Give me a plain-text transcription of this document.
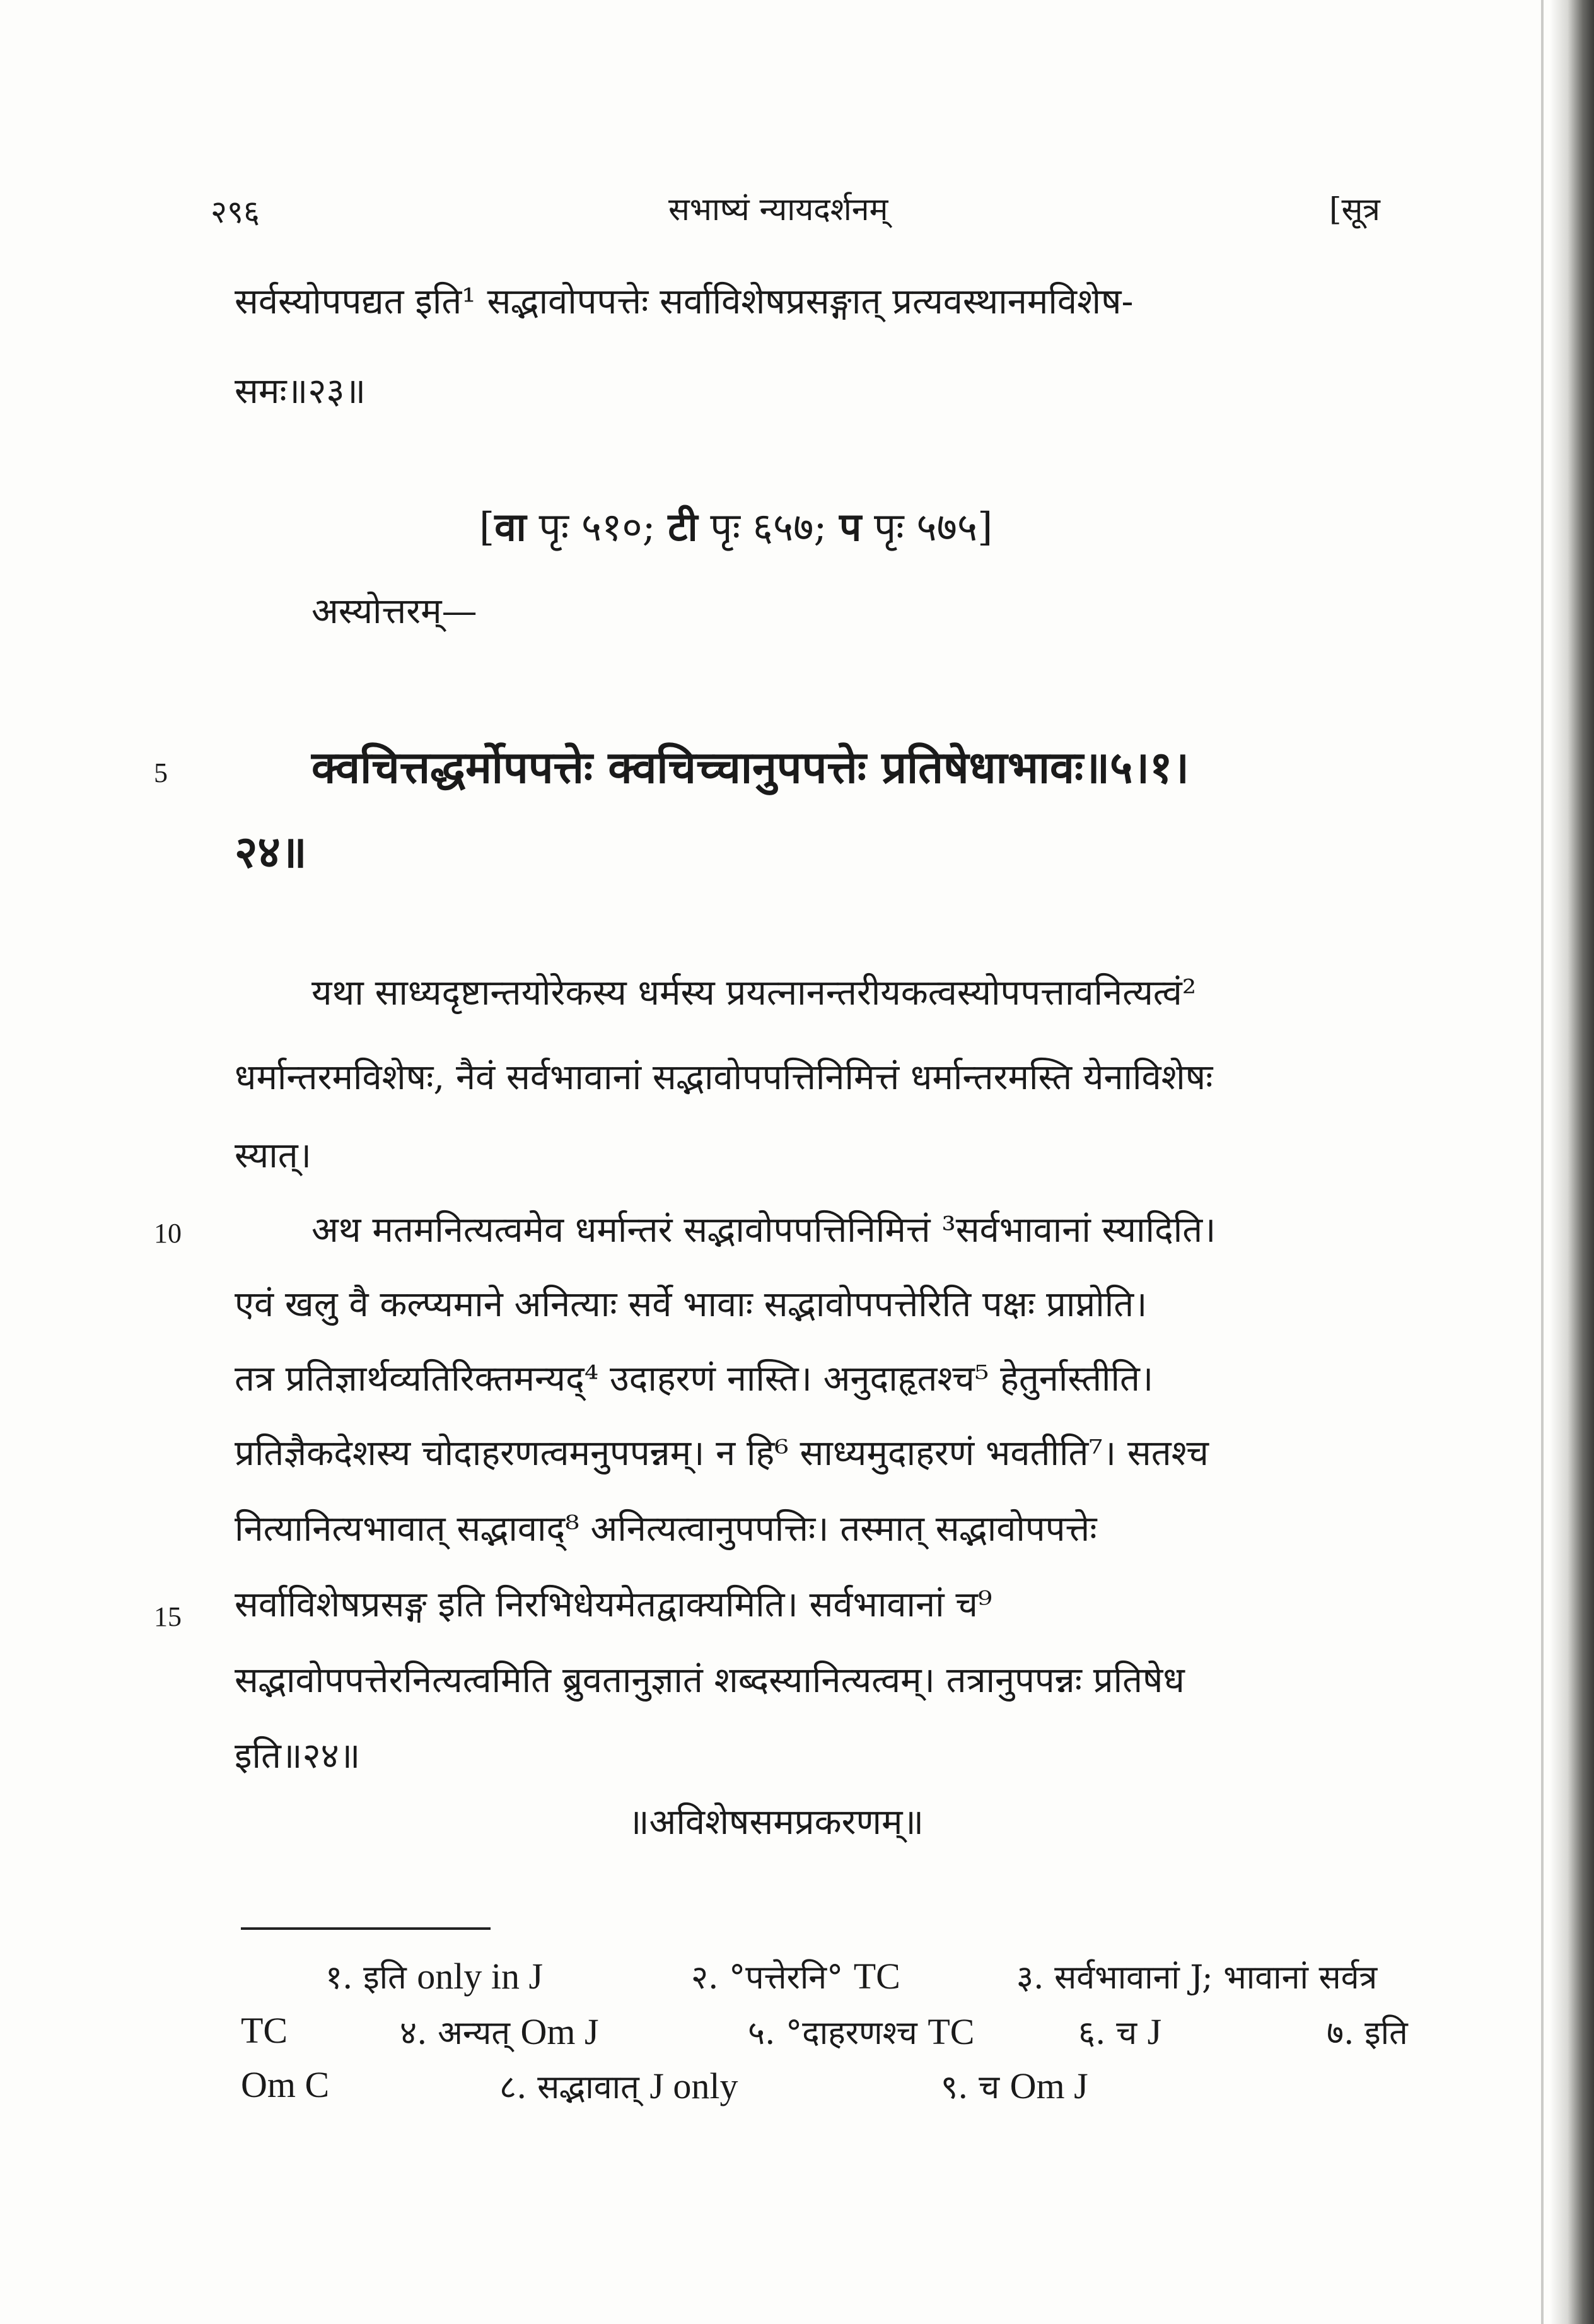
२९६	सभाष्यं न्यायदर्शनम्	[सूत्र
सर्वस्योपपद्यत इति¹ सद्भावोपपत्तेः सर्वाविशेषप्रसङ्गात् प्रत्यवस्थानमविशेष-
समः॥२३॥
[वा पृः ५१०; टी पृः ६५७; प पृः ५७५]
अस्योत्तरम्—
5	क्वचित्तद्धर्मोपपत्तेः क्वचिच्चानुपपत्तेः प्रतिषेधाभावः॥५।१।
२४॥
यथा साध्यदृष्टान्तयोरेकस्य धर्मस्य प्रयत्नानन्तरीयकत्वस्योपपत्तावनित्यत्वं²
धर्मान्तरमविशेषः, नैवं सर्वभावानां सद्भावोपपत्तिनिमित्तं धर्मान्तरमस्ति येनाविशेषः
स्यात्।
10	अथ मतमनित्यत्वमेव धर्मान्तरं सद्भावोपपत्तिनिमित्तं ³सर्वभावानां स्यादिति।
एवं खलु वै कल्प्यमाने अनित्याः सर्वे भावाः सद्भावोपपत्तेरिति पक्षः प्राप्नोति।
तत्र प्रतिज्ञार्थव्यतिरिक्तमन्यद्⁴ उदाहरणं नास्ति। अनुदाहृतश्च⁵ हेतुर्नास्तीति।
प्रतिज्ञैकदेशस्य चोदाहरणत्वमनुपपन्नम्। न हि⁶ साध्यमुदाहरणं भवतीति⁷। सतश्च
नित्यानित्यभावात् सद्भावाद्⁸ अनित्यत्वानुपपत्तिः। तस्मात् सद्भावोपपत्तेः
15 सर्वाविशेषप्रसङ्ग इति निरभिधेयमेतद्वाक्यमिति। सर्वभावानां च⁹
सद्भावोपपत्तेरनित्यत्वमिति ब्रुवतानुज्ञातं शब्दस्यानित्यत्वम्। तत्रानुपपन्नः प्रतिषेध
इति॥२४॥
॥अविशेषसमप्रकरणम्॥
१. इति only in J	२. °पत्तेरनि° TC	३. सर्वभावानां J; भावानां सर्वत्र
TC	४. अन्यत् Om J	५. °दाहरणश्च TC	६. च J	७. इति
Om C	८. सद्भावात् J only	९. च Om J
